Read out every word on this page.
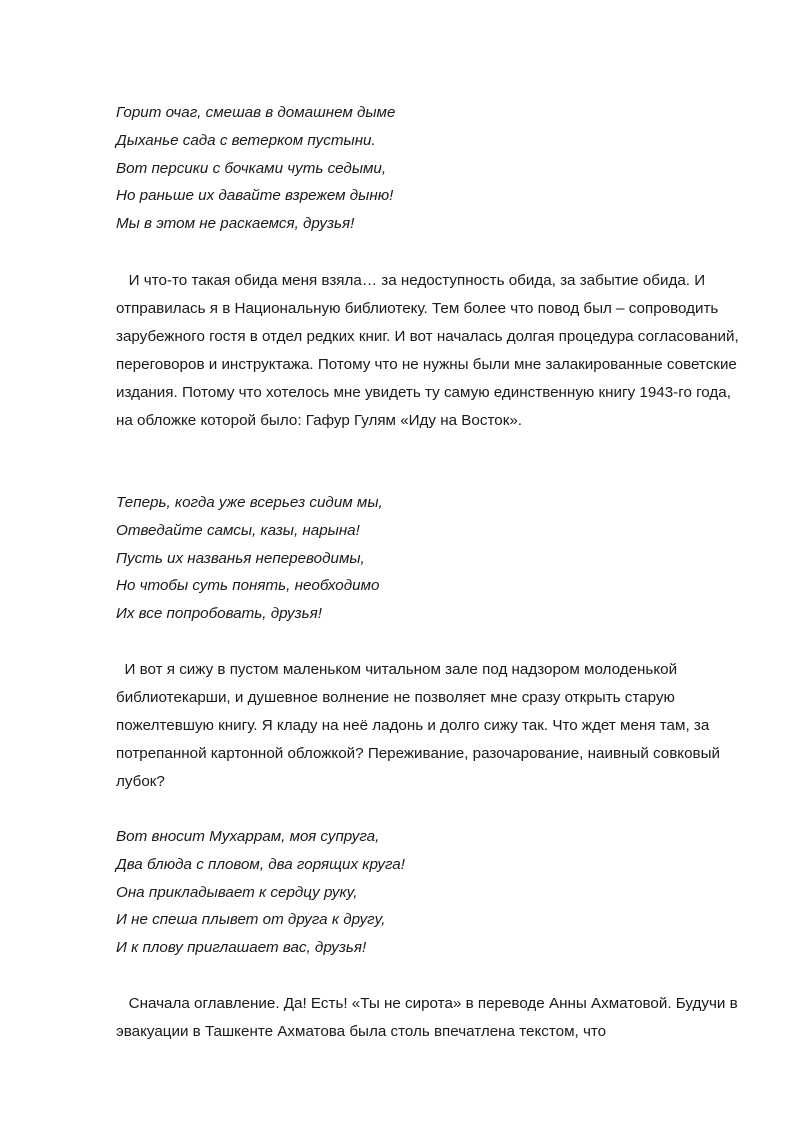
Горит очаг, смешав в домашнем дыме
Дыханье сада с ветерком пустыни.
Вот персики с бочками чуть седыми,
Но раньше их давайте взрежем дыню!
Мы в этом не раскаемся, друзья!

И что-то такая обида меня взяла… за недоступность обида, за забытие обида. И отправилась я в Национальную библиотеку. Тем более что повод был – сопроводить зарубежного гостя в отдел редких книг. И вот началась долгая процедура согласований, переговоров и инструктажа. Потому что не нужны были мне залакированные советские издания. Потому что хотелось мне увидеть ту самую единственную книгу 1943-го года, на обложке которой было: Гафур Гулям «Иду на Восток».

Теперь, когда уже всерьез сидим мы,
Отведайте самсы, казы, нарына!
Пусть их названья непереводимы,
Но чтобы суть понять, необходимо
Их все попробовать, друзья!

И вот я сижу в пустом маленьком читальном зале под надзором молоденькой библиотекарши, и душевное волнение не позволяет мне сразу открыть старую пожелтевшую книгу. Я кладу на неё ладонь и долго сижу так. Что ждет меня там, за потрепанной картонной обложкой? Переживание, разочарование, наивный совковый лубок?

Вот вносит Мухаррам, моя супруга,
Два блюда с пловом, два горящих круга!
Она прикладывает к сердцу руку,
И не спеша плывет от друга к другу,
И к плову приглашает вас, друзья!

Сначала оглавление. Да! Есть! «Ты не сирота» в переводе Анны Ахматовой. Будучи в эвакуации в Ташкенте Ахматова была столь впечатлена текстом, что
